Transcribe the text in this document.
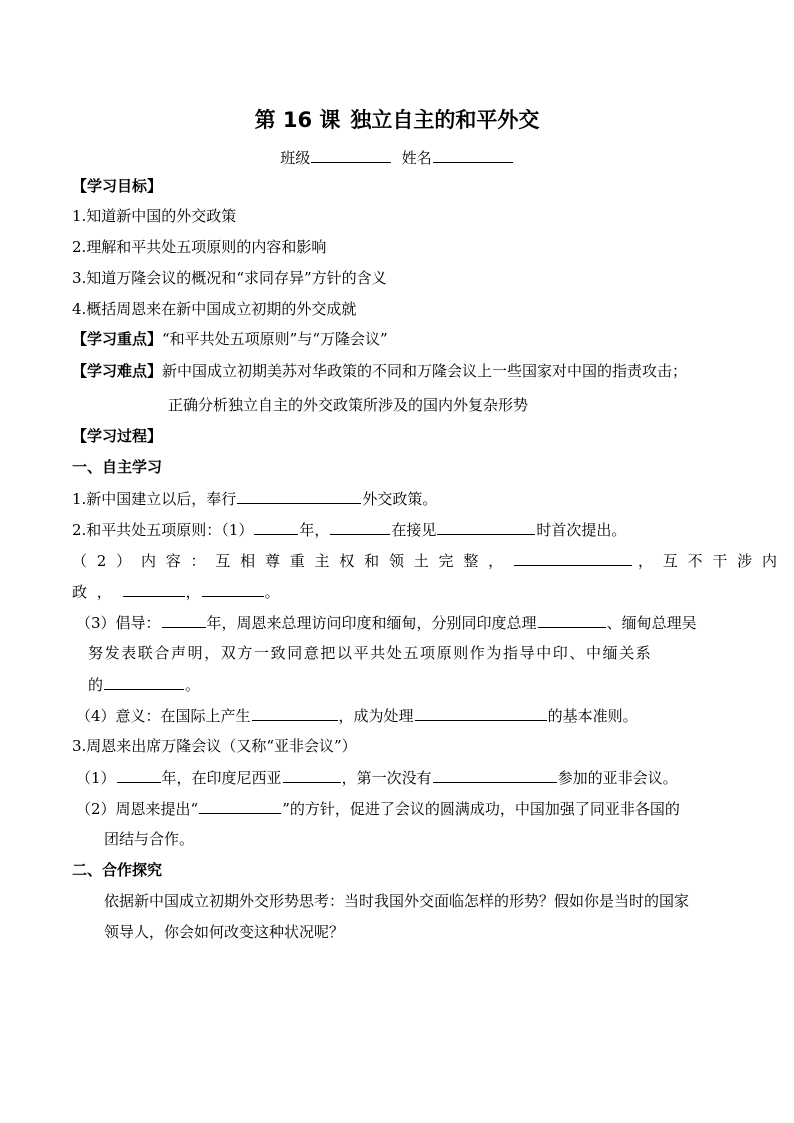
第 16 课 独立自主的和平外交
班级	姓名
【学习目标】
1.知道新中国的外交政策
2.理解和平共处五项原则的内容和影响
3.知道万隆会议的概况和“求同存异”方针的含义
4.概括周恩来在新中国成立初期的外交成就
【学习重点】“和平共处五项原则”与“万隆会议”
【学习难点】新中国成立初期美苏对华政策的不同和万隆会议上一些国家对中国的指责攻击；
正确分析独立自主的外交政策所涉及的国内外复杂形势
【学习过程】
一、自主学习
1.新中国建立以后，奉行	外交政策。
2.和平共处五项原则：（1）	年，	在接见	时首次提出。
（2）内容：互相尊重主权和领土完整，	，互不干涉内
政，	，	。
（3）倡导：	年，周恩来总理访问印度和缅甸，分别同印度总理	、缅甸总理吴
努发表联合声明，双方一致同意把以平共处五项原则作为指导中印、中缅关系
的	。
（4）意义：在国际上产生	，成为处理	的基本准则。
3.周恩来出席万隆会议（又称“亚非会议”）
（1）	年，在印度尼西亚	，第一次没有	参加的亚非会议。
（2）周恩来提出“	”的方针，促进了会议的圆满成功，中国加强了同亚非各国的
团结与合作。
二、合作探究
依据新中国成立初期外交形势思考：当时我国外交面临怎样的形势？假如你是当时的国家
领导人，你会如何改变这种状况呢？
